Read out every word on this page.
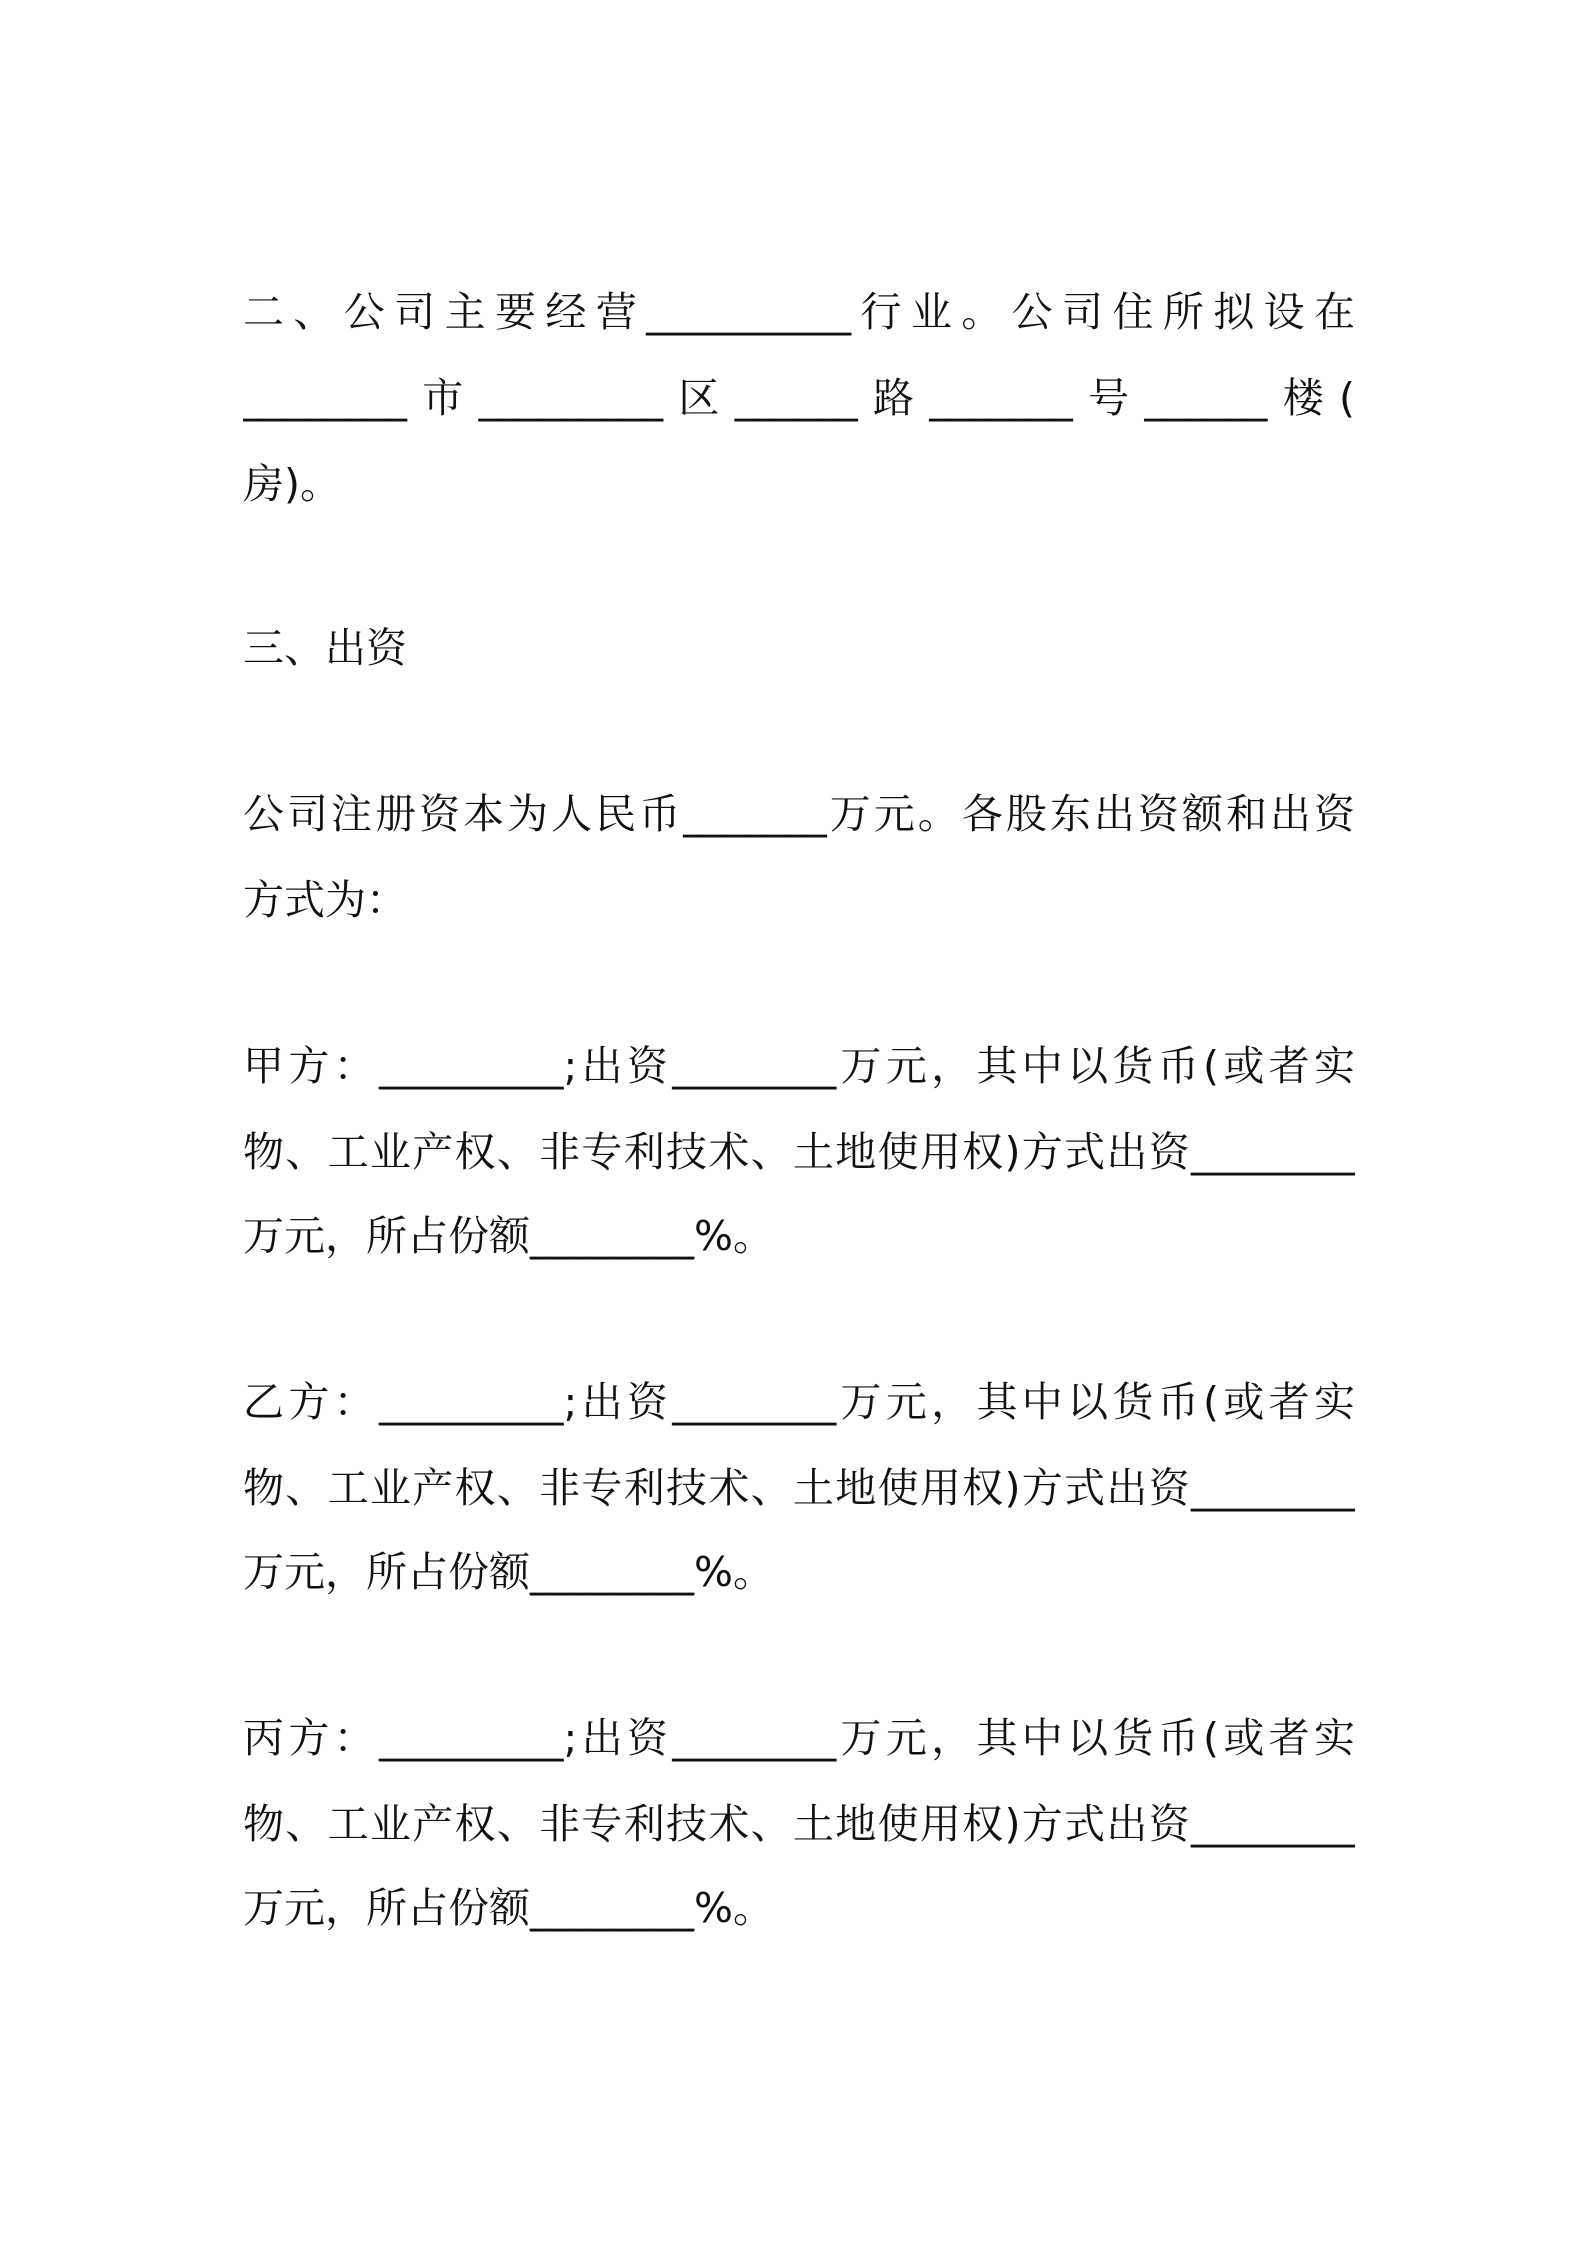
二、公司主要经营__________行业。公司住所拟设在
________市_________区______路_______号______楼(
房)。
三、出资
公司注册资本为人民币_______万元。各股东出资额和出资
方式为：
甲方：_________;出资________万元，其中以货币(或者实
物、工业产权、非专利技术、土地使用权)方式出资________
万元，所占份额________%。
乙方：_________;出资________万元，其中以货币(或者实
物、工业产权、非专利技术、土地使用权)方式出资________
万元，所占份额________%。
丙方：_________;出资________万元，其中以货币(或者实
物、工业产权、非专利技术、土地使用权)方式出资________
万元，所占份额________%。
